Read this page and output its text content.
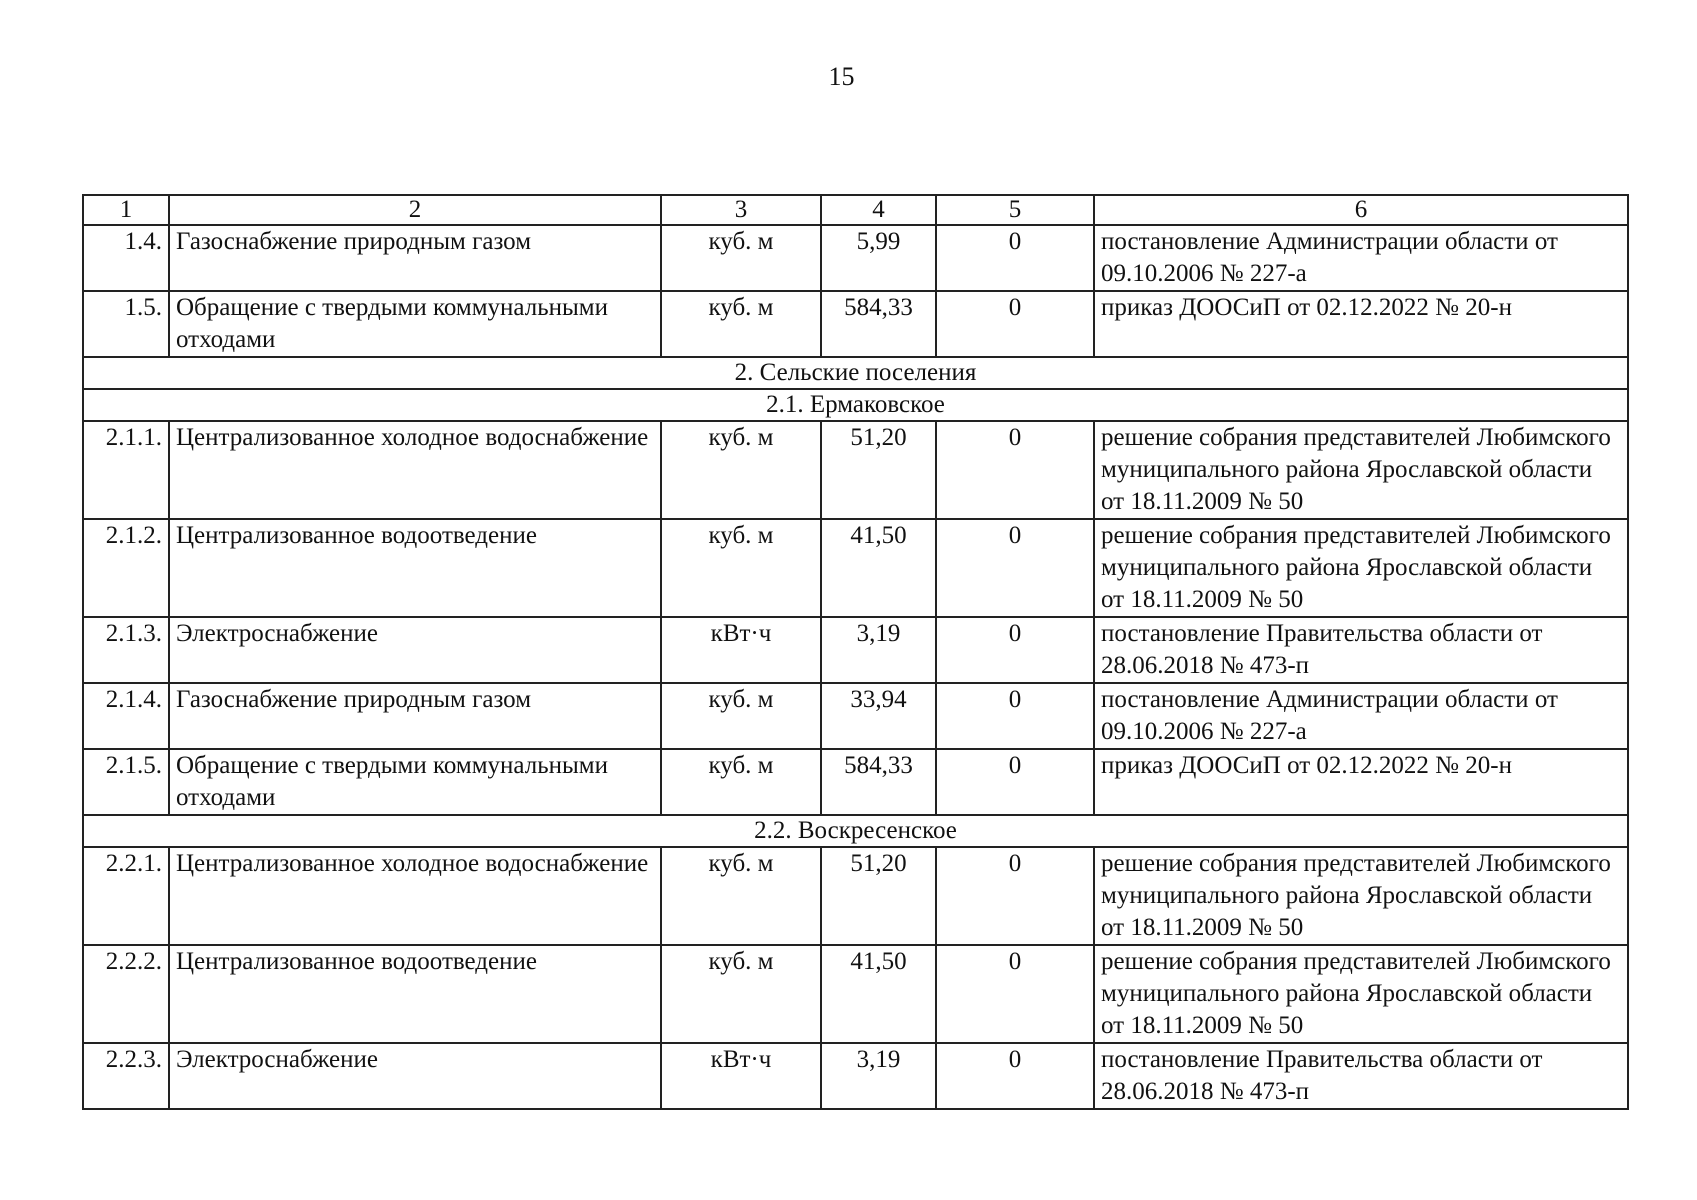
15
1	2	3	4	5	6
1.4.	Газоснабжение природным газом	куб. м	5,99	0	постановление Администрации области от 09.10.2006 № 227-а
1.5.	Обращение с твердыми коммунальными отходами	куб. м	584,33	0	приказ ДООСиП от 02.12.2022 № 20-н
2. Сельские поселения					
2.1. Ермаковское					
2.1.1.	Централизованное холодное водоснабжение	куб. м	51,20	0	решение собрания представителей Любимского муниципального района Ярославской области от 18.11.2009 № 50
2.1.2.	Централизованное водоотведение	куб. м	41,50	0	решение собрания представителей Любимского муниципального района Ярославской области от 18.11.2009 № 50
2.1.3.	Электроснабжение	кВт·ч	3,19	0	постановление Правительства области от 28.06.2018 № 473-п
2.1.4.	Газоснабжение природным газом	куб. м	33,94	0	постановление Администрации области от 09.10.2006 № 227-а
2.1.5.	Обращение с твердыми коммунальными отходами	куб. м	584,33	0	приказ ДООСиП от 02.12.2022 № 20-н
2.2. Воскресенское					
2.2.1.	Централизованное холодное водоснабжение	куб. м	51,20	0	решение собрания представителей Любимского муниципального района Ярославской области от 18.11.2009 № 50
2.2.2.	Централизованное водоотведение	куб. м	41,50	0	решение собрания представителей Любимского муниципального района Ярославской области от 18.11.2009 № 50
2.2.3.	Электроснабжение	кВт·ч	3,19	0	постановление Правительства области от 28.06.2018 № 473-п
